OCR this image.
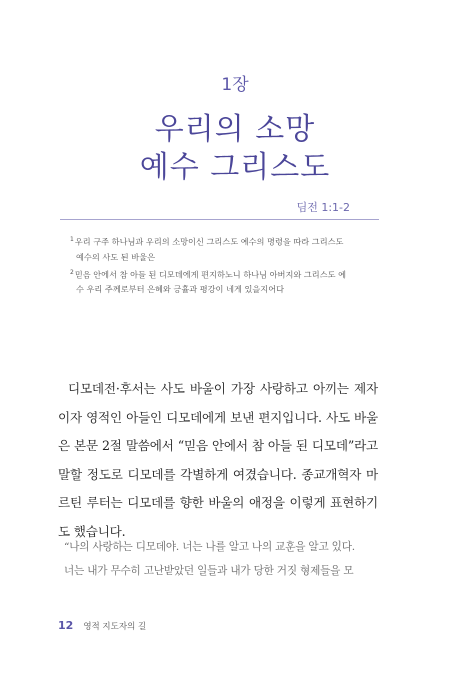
1장
우리의 소망
예수 그리스도
딤전 1:1-2

$^1$우리 구주 하나님과 우리의 소망이신 그리스도 예수의 명령을 따라 그리스도
예수의 사도 된 바울은

$^2$믿음 안에서 참 아들 된 디모데에게 편지하노니 하나님 아버지와 그리스도 예
수 우리 주께로부터 은혜와 긍휼과 평강이 네게 있을지어다

디모데전·후서는 사도 바울이 가장 사랑하고 아끼는 제자이자 영적인 아들인 디모데에게 보낸 편지입니다. 사도 바울은 본문 2절 말씀에서 “믿음 안에서 참 아들 된 디모데”라고 말할 정도로 디모데를 각별하게 여겼습니다. 종교개혁자 마르틴 루터는 디모데를 향한 바울의 애정을 이렇게 표현하기도 했습니다.
“나의 사랑하는 디모데야. 너는 나를 알고 나의 교훈을 알고 있다.
너는 내가 무수히 고난받았던 일들과 내가 당한 거짓 형제들을 모
12 영적 지도자의 길
